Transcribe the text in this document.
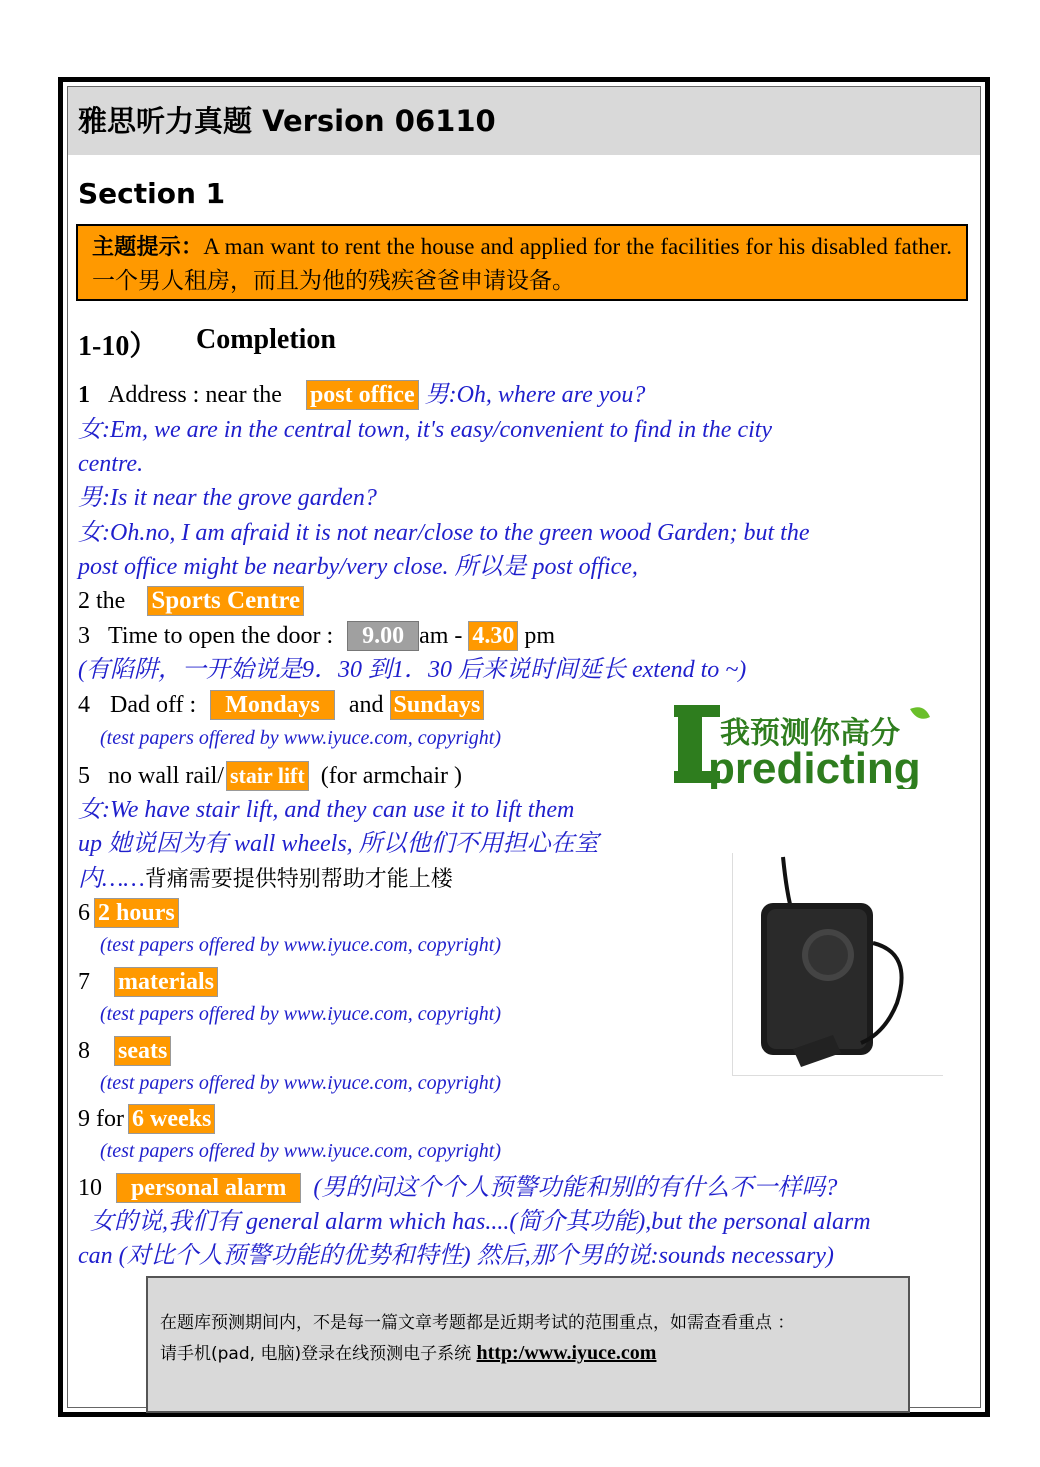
雅思听力真题 Version 06110
Section 1
主题提示：A man want to rent the house and applied for the facilities for his disabled father. 一个男人租房，而且为他的残疾爸爸申请设备。
1-10） Completion
1 Address : near the post office 男:Oh, where are you?
女:Em, we are in the central town, it's easy/convenient to find in the city
centre.
男:Is it near the grove garden?
女:Oh.no, I am afraid it is not near/close to the green wood Garden; but the
post office might be nearby/very close. 所以是 post office,
2 the Sports Centre
3 Time to open the door : 9.00 am - 4.30 pm
(有陷阱，一开始说是9．30 到1．30 后来说时间延长 extend to ~)
4 Dad off : Mondays and Sundays
(test papers offered by www.iyuce.com, copyright)
5 no wall rail/ stair lift (for armchair )
女:We have stair lift, and they can use it to lift them
up 她说因为有 wall wheels, 所以他们不用担心在室
内……背痛需要提供特别帮助才能上楼
6 2 hours
(test papers offered by www.iyuce.com, copyright)
7 materials
(test papers offered by www.iyuce.com, copyright)
8 seats
(test papers offered by www.iyuce.com, copyright)
9 for 6 weeks
(test papers offered by www.iyuce.com, copyright)
10 personal alarm (男的问这个个人预警功能和别的有什么不一样吗?
女的说,我们有 general alarm which has....(简介其功能),but the personal alarm
can (对比个人预警功能的优势和特性) 然后,那个男的说:sounds necessary)
predicting
我预测你高分
在题库预测期间内，不是每一篇文章考题都是近期考试的范围重点，如需查看重点 ：
请手机(pad, 电脑)登录在线预测电子系统 http:/www.iyuce.com
